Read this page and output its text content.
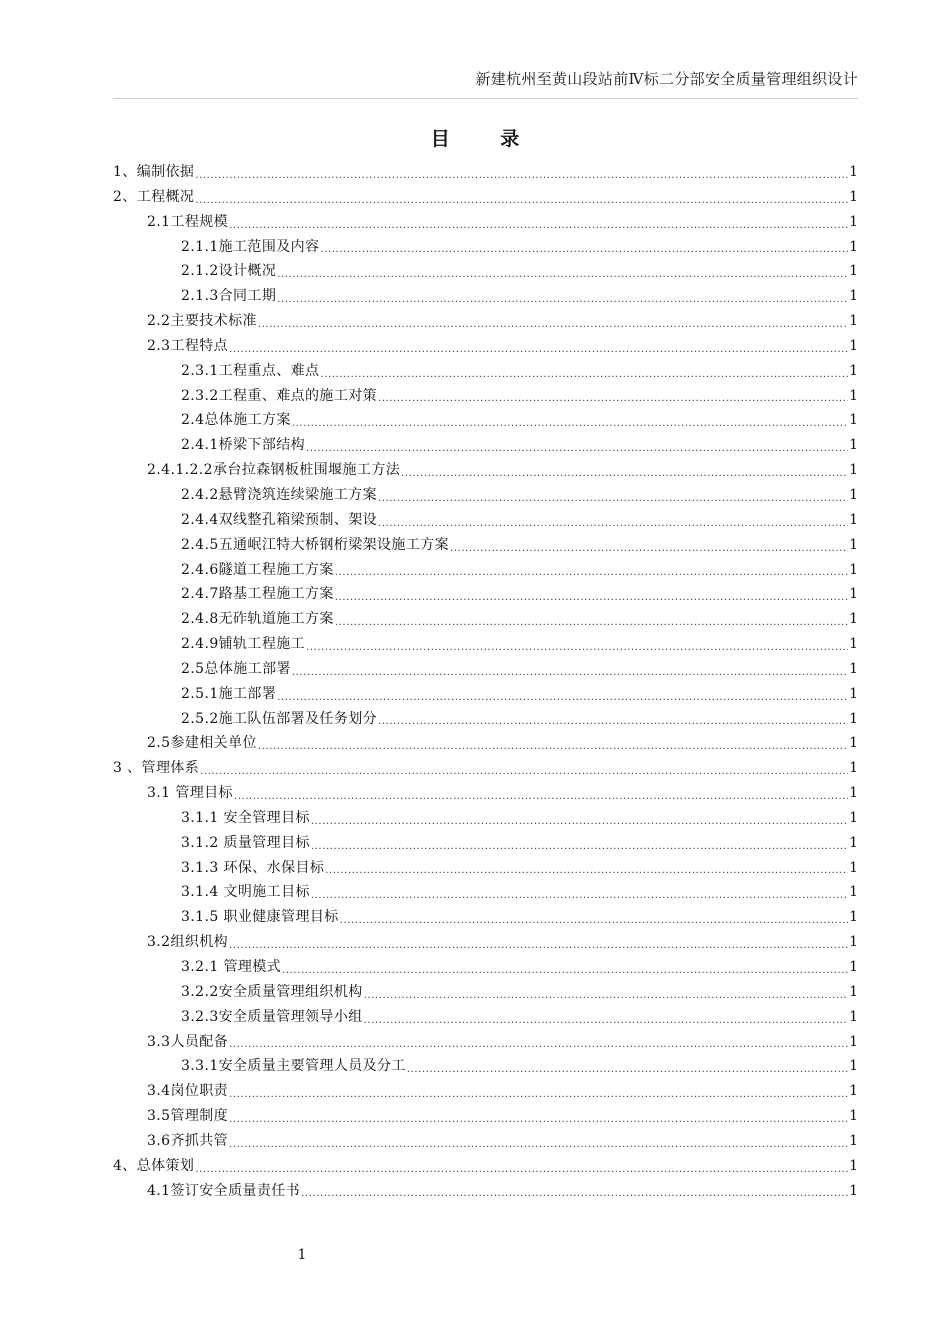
新建杭州至黄山段站前Ⅳ标二分部安全质量管理组织设计
目 录
1、编制依据 .....	1
2、工程概况 .....	1
2.1工程规模 .....	1
2.1.1施工范围及内容 .....	1
2.1.2设计概况 .....	1
2.1.3合同工期 .....	1
2.2主要技术标准 .....	1
2.3工程特点 .....	1
2.3.1工程重点、难点 .....	1
2.3.2工程重、难点的施工对策 .....	1
2.4总体施工方案 .....	1
2.4.1桥梁下部结构 .....	1
2.4.1.2.2承台拉森钢板桩围堰施工方法 .....	1
2.4.2悬臂浇筑连续梁施工方案 .....	1
2.4.4双线整孔箱梁预制、架设 .....	1
2.4.5五通岷江特大桥钢桁梁架设施工方案 .....	1
2.4.6隧道工程施工方案 .....	1
2.4.7路基工程施工方案 .....	1
2.4.8无砟轨道施工方案 .....	1
2.4.9铺轨工程施工 .....	1
2.5总体施工部署 .....	1
2.5.1施工部署 .....	1
2.5.2施工队伍部署及任务划分 .....	1
2.5参建相关单位 .....	1
3 、管理体系 .....	1
3.1 管理目标 .....	1
3.1.1 安全管理目标 .....	1
3.1.2 质量管理目标 .....	1
3.1.3 环保、水保目标 .....	1
3.1.4 文明施工目标 .....	1
3.1.5 职业健康管理目标 .....	1
3.2组织机构 .....	1
3.2.1 管理模式 .....	1
3.2.2安全质量管理组织机构 .....	1
3.2.3安全质量管理领导小组 .....	1
3.3人员配备 .....	1
3.3.1安全质量主要管理人员及分工 .....	1
3.4岗位职责 .....	1
3.5管理制度 .....	1
3.6齐抓共管 .....	1
4、总体策划 .....	1
4.1签订安全质量责任书 .....	1
1
